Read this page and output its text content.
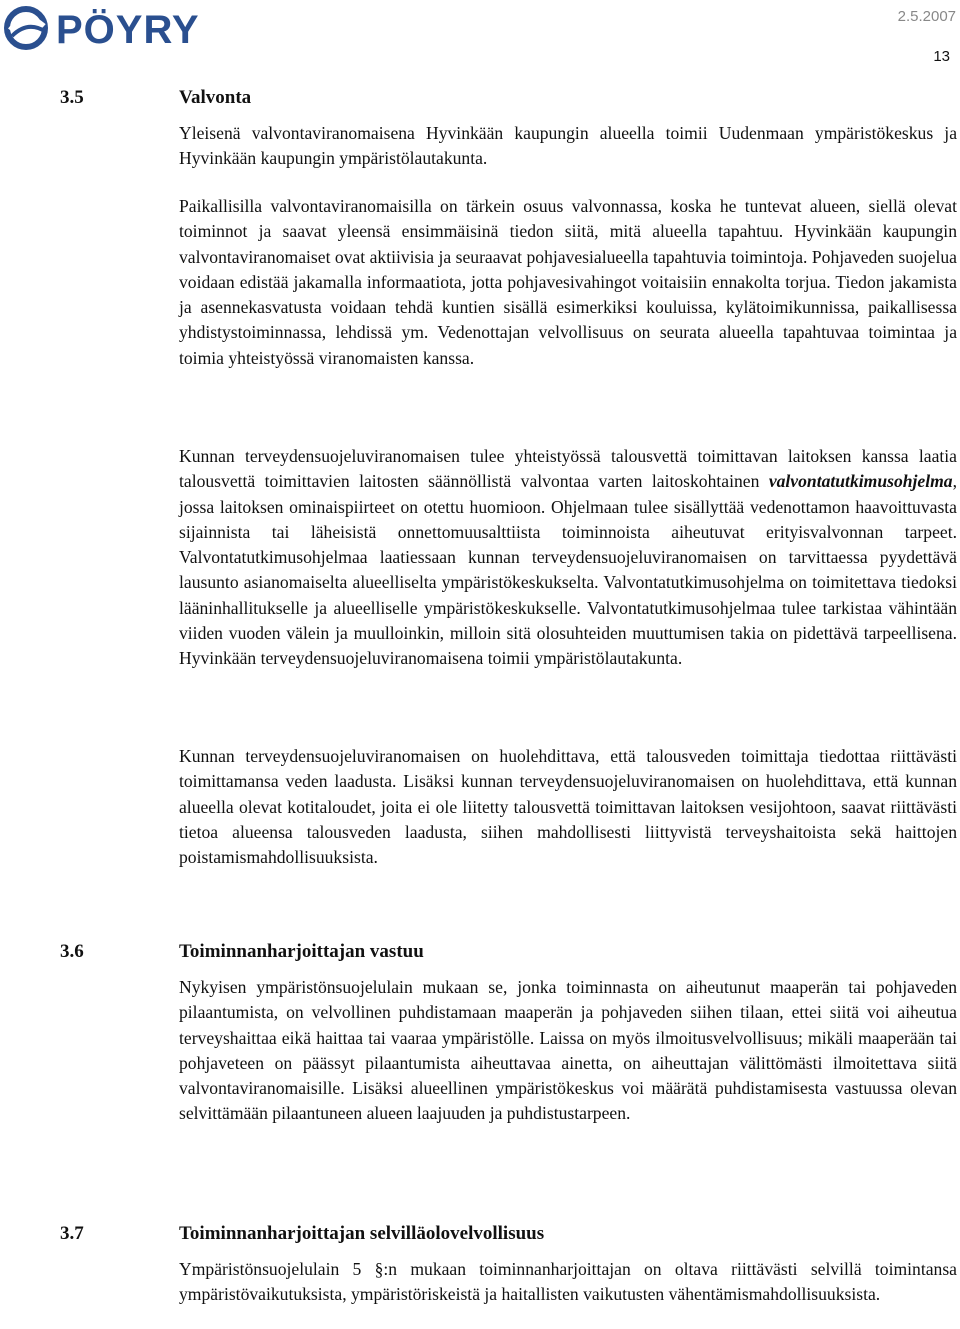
PÖYRY	2.5.2007
13
3.5	Valvonta

Yleisenä valvontaviranomaisena Hyvinkään kaupungin alueella toimii Uudenmaan ympäristökeskus ja Hyvinkään kaupungin ympäristölautakunta.

Paikallisilla valvontaviranomaisilla on tärkein osuus valvonnassa, koska he tuntevat alueen, siellä olevat toiminnot ja saavat yleensä ensimmäisinä tiedon siitä, mitä alueella tapahtuu. Hyvinkään kaupungin valvontaviranomaiset ovat aktiivisia ja seuraavat pohjavesialueella tapahtuvia toimintoja. Pohjaveden suojelua voidaan edistää jakamalla informaatiota, jotta pohjavesivahingot voitaisiin ennakolta torjua. Tiedon jakamista ja asennekasvatusta voidaan tehdä kuntien sisällä esimerkiksi kouluissa, kylätoimikunnissa, paikallisessa yhdistystoiminnassa, lehdissä ym. Vedenottajan velvollisuus on seurata alueella tapahtuvaa toimintaa ja toimia yhteistyössä viranomaisten kanssa.

Kunnan terveydensuojeluviranomaisen tulee yhteistyössä talousvettä toimittavan laitoksen kanssa laatia talousvettä toimittavien laitosten säännöllistä valvontaa varten laitoskohtainen valvontatutkimusohjelma, jossa laitoksen ominaispiirteet on otettu huomioon. Ohjelmaan tulee sisällyttää vedenottamon haavoittuvasta sijainnista tai läheisistä onnettomuusalttiista toiminnoista aiheutuvat erityisvalvonnan tarpeet. Valvontatutkimusohjelmaa laatiessaan kunnan terveydensuojeluviranomaisen on tarvittaessa pyydettävä lausunto asianomaiselta alueelliselta ympäristökeskukselta. Valvontatutkimusohjelma on toimitettava tiedoksi lääninhallitukselle ja alueelliselle ympäristökeskukselle. Valvontatutkimusohjelmaa tulee tarkistaa vähintään viiden vuoden välein ja muulloinkin, milloin sitä olosuhteiden muuttumisen takia on pidettävä tarpeellisena. Hyvinkään terveydensuojeluviranomaisena toimii ympäristölautakunta.

Kunnan terveydensuojeluviranomaisen on huolehdittava, että talousveden toimittaja tiedottaa riittävästi toimittamansa veden laadusta. Lisäksi kunnan terveydensuojeluviranomaisen on huolehdittava, että kunnan alueella olevat kotitaloudet, joita ei ole liitetty talousvettä toimittavan laitoksen vesijohtoon, saavat riittävästi tietoa alueensa talousveden laadusta, siihen mahdollisesti liittyvistä terveyshaitoista sekä haittojen poistamismahdollisuuksista.

3.6	Toiminnanharjoittajan vastuu

Nykyisen ympäristönsuojelulain mukaan se, jonka toiminnasta on aiheutunut maaperän tai pohjaveden pilaantumista, on velvollinen puhdistamaan maaperän ja pohjaveden siihen tilaan, ettei siitä voi aiheutua terveyshaittaa eikä haittaa tai vaaraa ympäristölle. Laissa on myös ilmoitusvelvollisuus; mikäli maaperään tai pohjaveteen on päässyt pilaantumista aiheuttavaa ainetta, on aiheuttajan välittömästi ilmoitettava siitä valvontaviranomaisille. Lisäksi alueellinen ympäristökeskus voi määrätä puhdistamisesta vastuussa olevan selvittämään pilaantuneen alueen laajuuden ja puhdistustarpeen.

3.7	Toiminnanharjoittajan selvilläolovelvollisuus

Ympäristönsuojelulain 5 §:n mukaan toiminnanharjoittajan on oltava riittävästi selvillä toimintansa ympäristövaikutuksista, ympäristöriskeistä ja haitallisten vaikutusten vähentämismahdollisuuksista.
